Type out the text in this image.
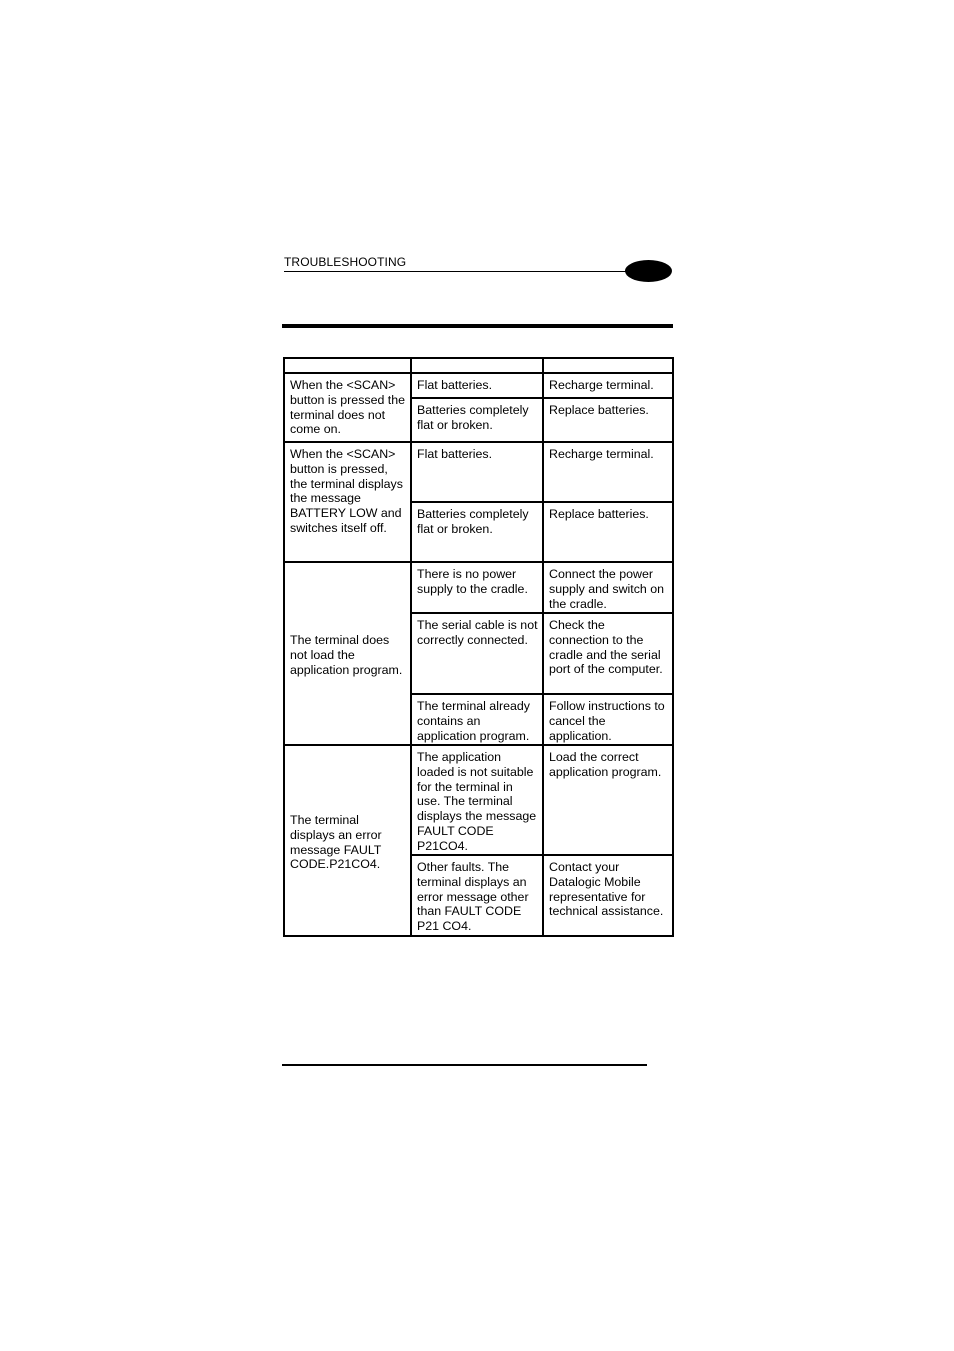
TROUBLESHOOTING

When the <SCAN> button is pressed the terminal does not come on.	Flat batteries.	Recharge terminal.
	Batteries completely flat or broken.	Replace batteries.
When the <SCAN> button is pressed, the terminal displays the message BATTERY LOW and switches itself off.	Flat batteries.	Recharge terminal.
	Batteries completely flat or broken.	Replace batteries.
The terminal does not load the application program.	There is no power supply to the cradle.	Connect the power supply and switch on the cradle.
	The serial cable is not correctly connected.	Check the connection to the cradle and the serial port of the computer.
	The terminal already contains an application program.	Follow instructions to cancel the application.
The terminal displays an error message FAULT CODE.P21CO4.	The application loaded is not suitable for the terminal in use. The terminal displays the message FAULT CODE P21CO4.	Load the correct application program.
	Other faults. The terminal displays an error message other than FAULT CODE P21 CO4.	Contact your Datalogic Mobile representative for technical assistance.
